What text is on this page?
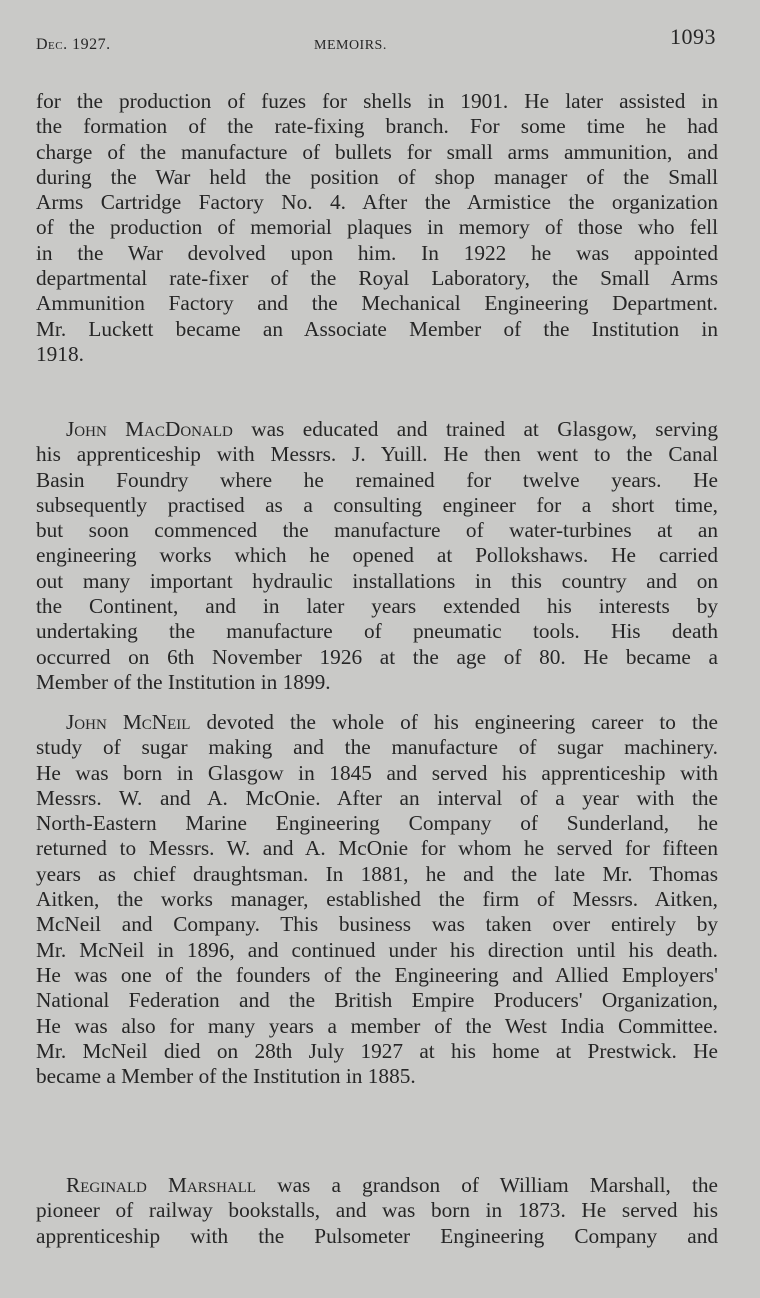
Dec. 1927.	MEMOIRS.	1093
for the production of fuzes for shells in 1901. He later assisted in
the formation of the rate-fixing branch. For some time he had
charge of the manufacture of bullets for small arms ammunition, and
during the War held the position of shop manager of the Small
Arms Cartridge Factory No. 4. After the Armistice the organization
of the production of memorial plaques in memory of those who fell
in the War devolved upon him. In 1922 he was appointed
departmental rate-fixer of the Royal Laboratory, the Small Arms
Ammunition Factory and the Mechanical Engineering Department.
Mr. Luckett became an Associate Member of the Institution in
1918.
John MacDonald was educated and trained at Glasgow, serving
his apprenticeship with Messrs. J. Yuill. He then went to the Canal
Basin Foundry where he remained for twelve years. He
subsequently practised as a consulting engineer for a short time,
but soon commenced the manufacture of water-turbines at an
engineering works which he opened at Pollokshaws. He carried
out many important hydraulic installations in this country and on
the Continent, and in later years extended his interests by
undertaking the manufacture of pneumatic tools. His death
occurred on 6th November 1926 at the age of 80. He became a
Member of the Institution in 1899.
John McNeil devoted the whole of his engineering career to the
study of sugar making and the manufacture of sugar machinery.
He was born in Glasgow in 1845 and served his apprenticeship with
Messrs. W. and A. McOnie. After an interval of a year with the
North-Eastern Marine Engineering Company of Sunderland, he
returned to Messrs. W. and A. McOnie for whom he served for fifteen
years as chief draughtsman. In 1881, he and the late Mr. Thomas
Aitken, the works manager, established the firm of Messrs. Aitken,
McNeil and Company. This business was taken over entirely by
Mr. McNeil in 1896, and continued under his direction until his death.
He was one of the founders of the Engineering and Allied Employers'
National Federation and the British Empire Producers' Organization,
He was also for many years a member of the West India Committee.
Mr. McNeil died on 28th July 1927 at his home at Prestwick. He
became a Member of the Institution in 1885.
Reginald Marshall was a grandson of William Marshall, the
pioneer of railway bookstalls, and was born in 1873. He served his
apprenticeship with the Pulsometer Engineering Company and
